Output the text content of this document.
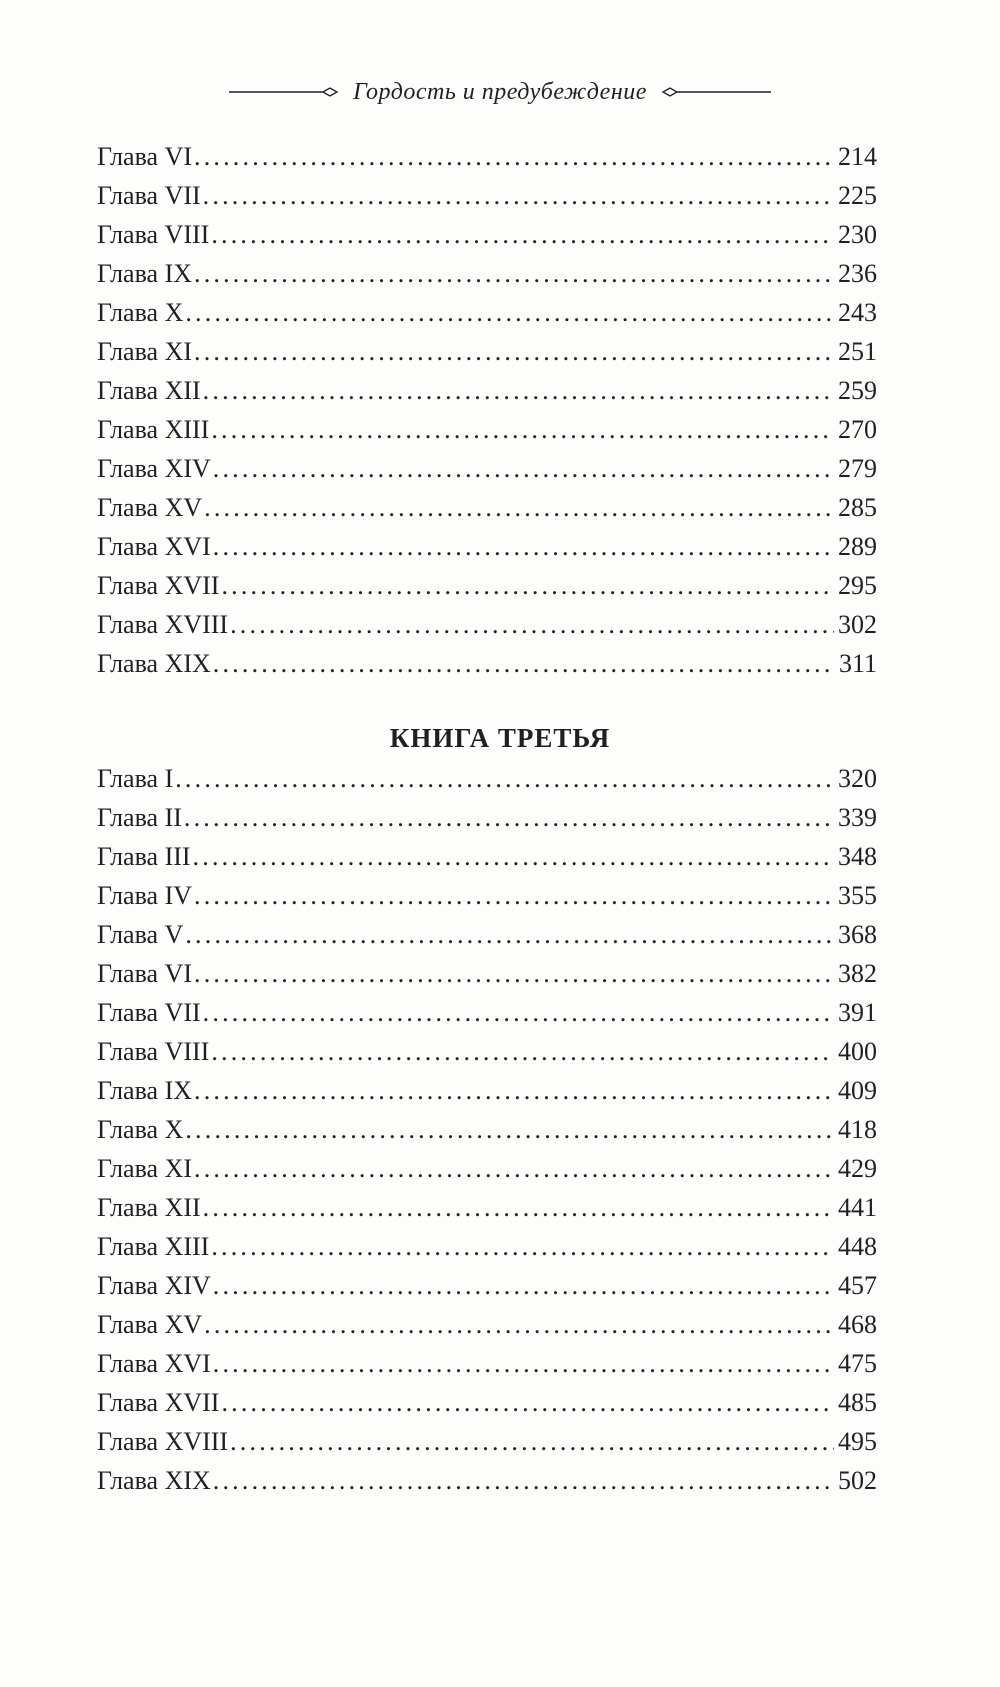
Гордость и предубеждение
Глава VI .....	214
Глава VII .....	225
Глава VIII .....	230
Глава IX .....	236
Глава X .....	243
Глава XI .....	251
Глава XII .....	259
Глава XIII .....	270
Глава XIV .....	279
Глава XV .....	285
Глава XVI .....	289
Глава XVII .....	295
Глава XVIII .....	302
Глава XIX .....	311
КНИГА ТРЕТЬЯ
Глава I .....	320
Глава II .....	339
Глава III .....	348
Глава IV .....	355
Глава V .....	368
Глава VI .....	382
Глава VII .....	391
Глава VIII .....	400
Глава IX .....	409
Глава X .....	418
Глава XI .....	429
Глава XII .....	441
Глава XIII .....	448
Глава XIV .....	457
Глава XV .....	468
Глава XVI .....	475
Глава XVII .....	485
Глава XVIII .....	495
Глава XIX .....	502
